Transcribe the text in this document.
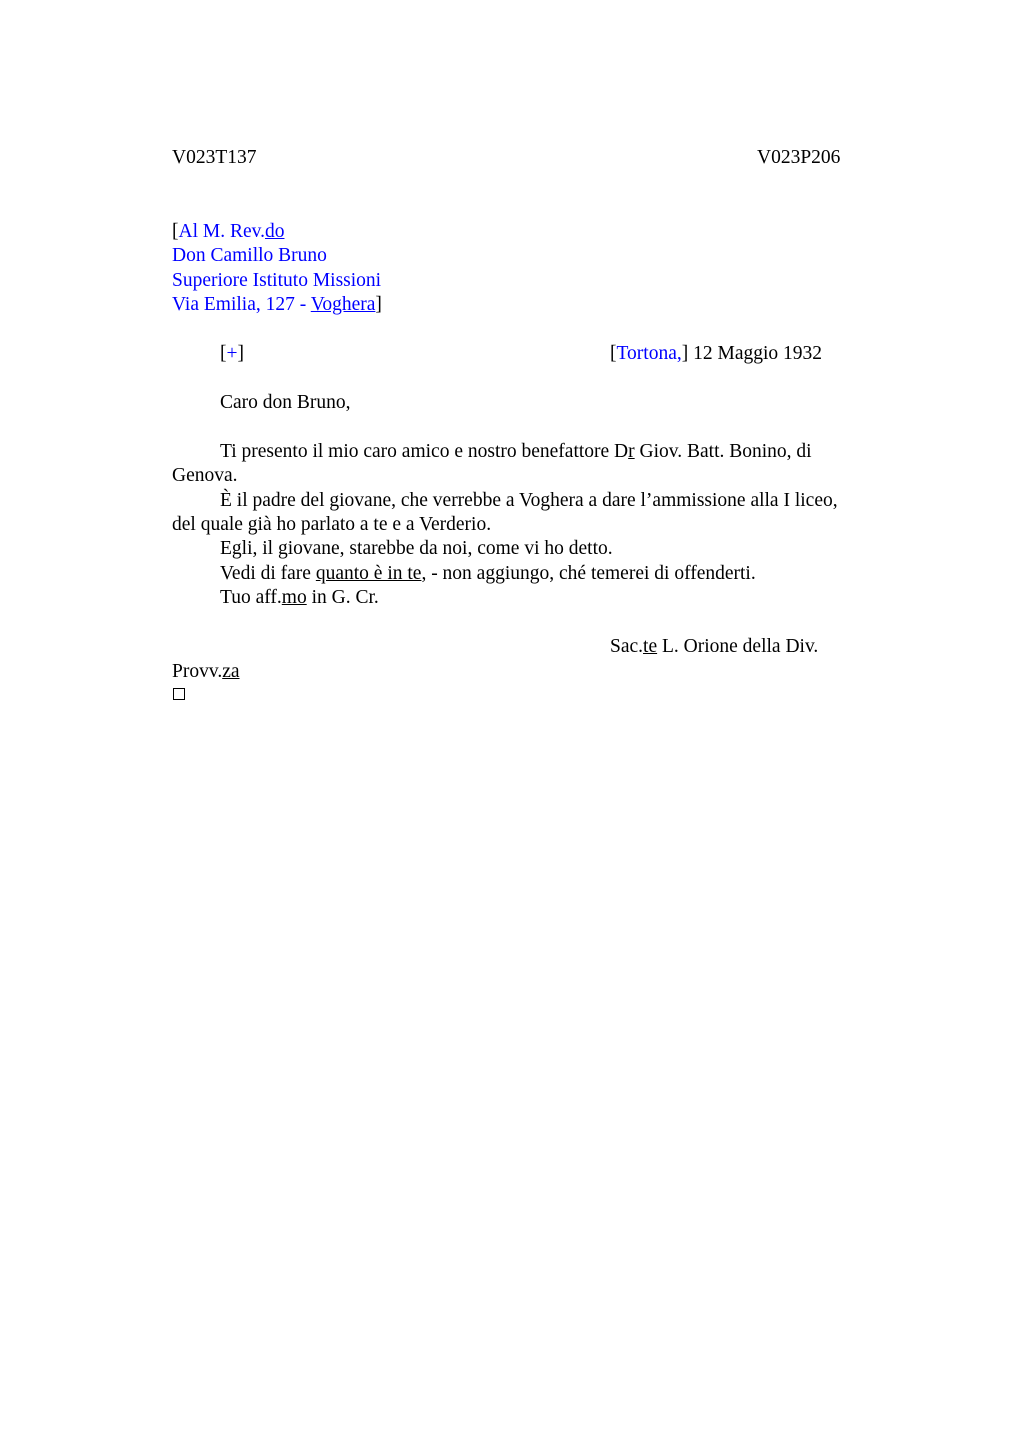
V023T137	V023P206
[Al M. Rev.do
Don Camillo Bruno
Superiore Istituto Missioni
Via Emilia, 127 - Voghera]
[+]	[Tortona,] 12 Maggio 1932
Caro don Bruno,
Ti presento il mio caro amico e nostro benefattore Dr Giov. Batt. Bonino, di
Genova.
È il padre del giovane, che verrebbe a Voghera a dare l’ammissione alla I liceo,
del quale già ho parlato a te e a Verderio.
Egli, il giovane, starebbe da noi, come vi ho detto.
Vedi di fare quanto è in te, - non aggiungo, ché temerei di offenderti.
Tuo aff.mo in G. Cr.
Sac.te L. Orione della Div.
Provv.za
